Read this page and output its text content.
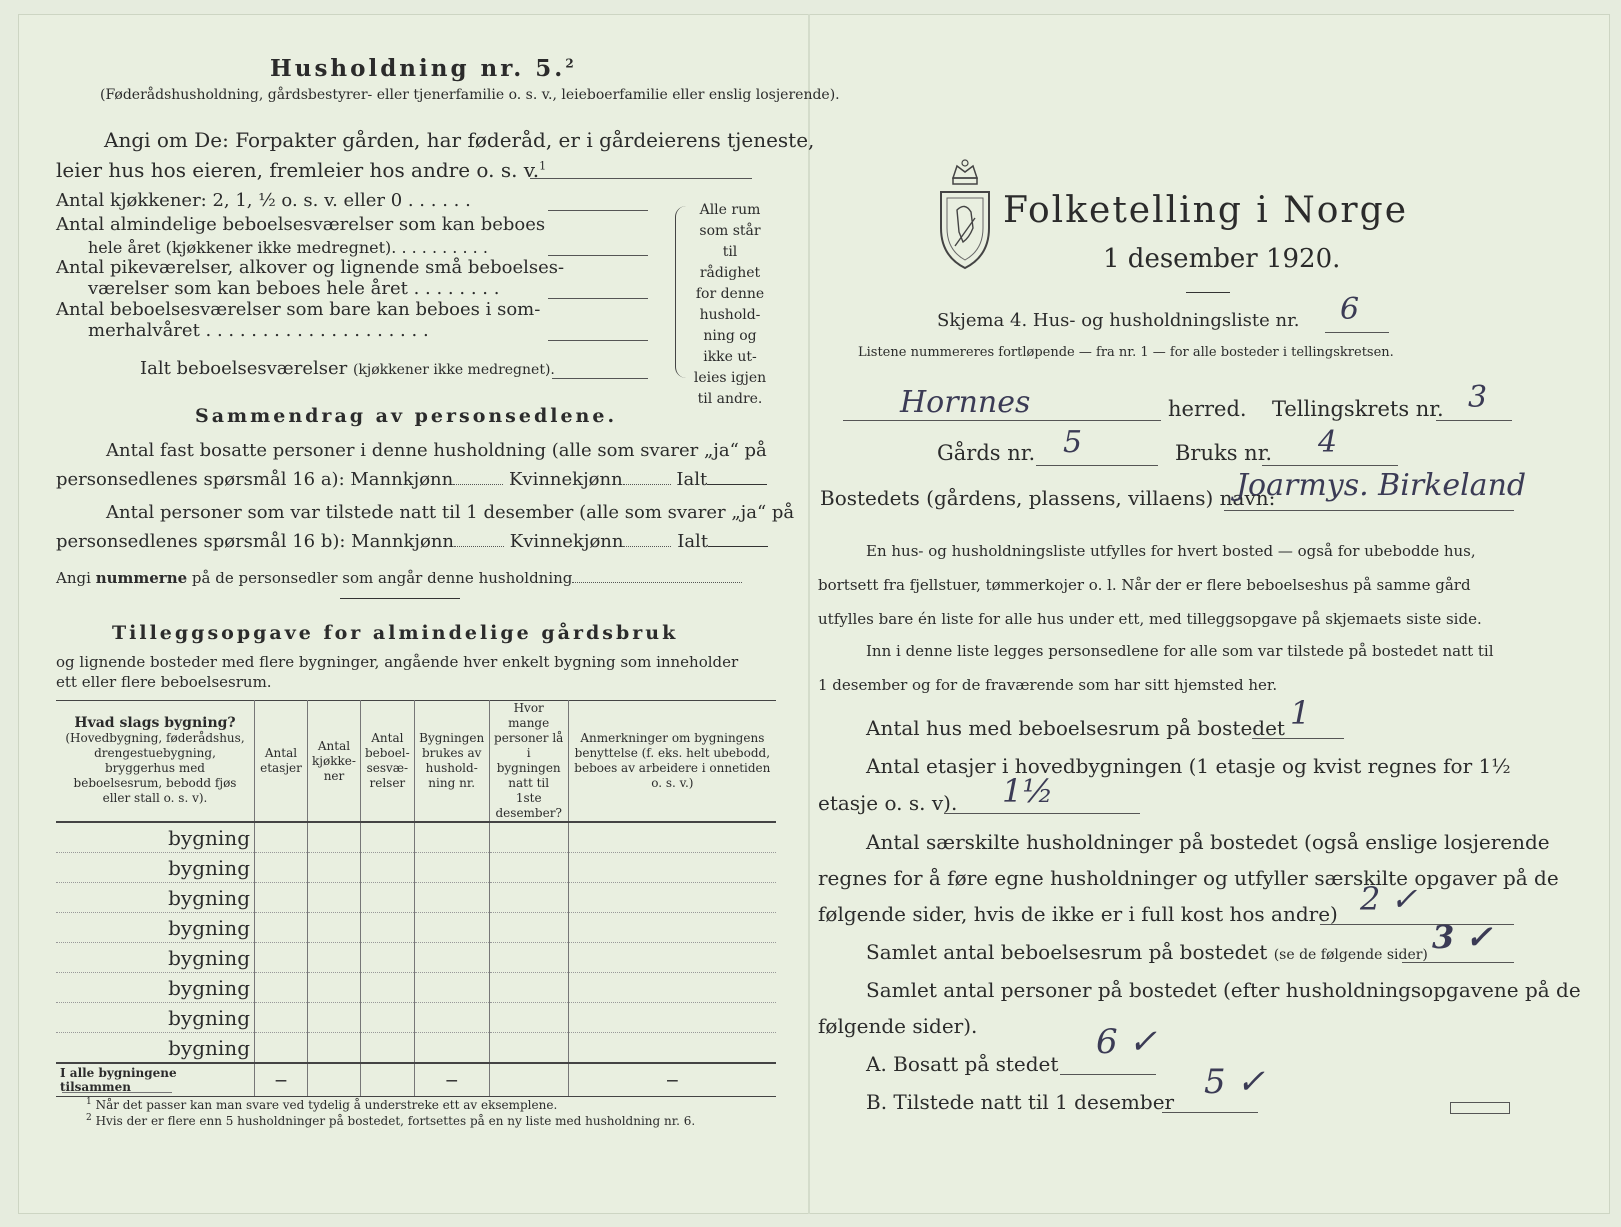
Husholdning nr. 5.$^2$
(Føderådshusholdning, gårdsbestyrer- eller tjenerfamilie o. s. v., leieboerfamilie eller enslig losjerende).
Angi om De: Forpakter gården, har føderåd, er i gårdeierens tjeneste,
leier hus hos eieren, fremleier hos andre o. s. v.$^1$
Antal kjøkkener: 2, 1, ½ o. s. v. eller 0 . . . . . .
Antal almindelige beboelsesværelser som kan beboes
hele året (kjøkkener ikke medregnet). . . . . . . . . .
Antal pikeværelser, alkover og lignende små beboelses-
værelser som kan beboes hele året . . . . . . . .
Antal beboelsesværelser som bare kan beboes i som-
merhalvåret . . . . . . . . . . . . . . . . . . . .
Ialt beboelsesværelser (kjøkkener ikke medregnet).
Alle rum
som står til
rådighet
for denne
hushold-
ning og
ikke ut-
leies igjen
til andre.
Sammendrag av personsedlene.
Antal fast bosatte personer i denne husholdning (alle som svarer „ja“ på
personsedlenes spørsmål 16 a): Mannkjønn	Kvinnekjønn	Ialt
Antal personer som var tilstede natt til 1 desember (alle som svarer „ja“ på
personsedlenes spørsmål 16 b): Mannkjønn	Kvinnekjønn	Ialt
Angi nummerne på de personsedler som angår denne husholdning
Tilleggsopgave for almindelige gårdsbruk
og lignende bosteder med flere bygninger, angående hver enkelt bygning som inneholder
ett eller flere beboelsesrum.
Hvad slags bygning?
(Hovedbygning, føderådshus, drengestuebygning, bryggerhus med beboelsesrum, bebodd fjøs eller stall o. s. v).	Antal etasjer	Antal kjøkke-ner	Antal beboel-sesvæ-relser	Bygningen brukes av hushold-ning nr.	Hvor mange personer lå i bygningen natt til 1ste desember?	Anmerkninger om bygningens benyttelse (f. eks. helt ubebodd, beboes av arbeidere i onnetiden o. s. v.)
bygning						
bygning						
bygning						
bygning						
bygning						
bygning						
bygning						
bygning						
I alle bygningene tilsammen	—			—		—
$^1$ Når det passer kan man svare ved tydelig å understreke ett av eksemplene.
$^2$ Hvis der er flere enn 5 husholdninger på bostedet, fortsettes på en ny liste med husholdning nr. 6.
Folketelling i Norge
1 desember 1920.
Skjema 4. Hus- og husholdningsliste nr. 6
Listene nummereres fortløpende — fra nr. 1 — for alle bosteder i tellingskretsen.
Hornnes	herred. Tellingskrets nr. 3
Gårds nr. 5	Bruks nr. 4
Bostedets (gårdens, plassens, villaens) navn:
Joarmys. Birkeland
En hus- og husholdningsliste utfylles for hvert bosted — også for ubebodde hus,
bortsett fra fjellstuer, tømmerkojer o. l. Når der er flere beboelseshus på samme gård
utfylles bare én liste for alle hus under ett, med tilleggsopgave på skjemaets siste side.
Inn i denne liste legges personsedlene for alle som var tilstede på bostedet natt til
1 desember og for de fraværende som har sitt hjemsted her.
Antal hus med beboelsesrum på bostedet 1
Antal etasjer i hovedbygningen (1 etasje og kvist regnes for 1½
etasje o. s. v). 1½
Antal særskilte husholdninger på bostedet (også enslige losjerende
regnes for å føre egne husholdninger og utfyller særskilte opgaver på de
følgende sider, hvis de ikke er i full kost hos andre) 2 ✓
Samlet antal beboelsesrum på bostedet (se de følgende sider) 3 ✓
Samlet antal personer på bostedet (efter husholdningsopgavene på de
følgende sider).
A. Bosatt på stedet
6 ✓
B. Tilstede natt til 1 desember 5 ✓
